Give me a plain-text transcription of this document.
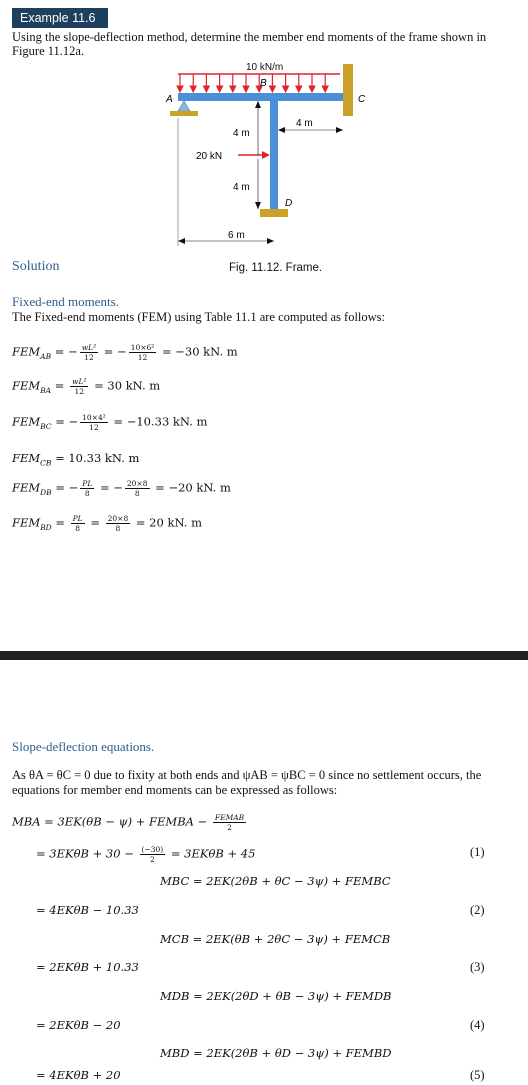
Example 11.6
Using the slope-deflection method, determine the member end moments of the frame shown in
Figure 11.12a.
10 kN/m
A
B
C
D
20 kN
4 m
4 m
4 m
6 m
Fig. 11.12. Frame.
Solution
Fixed-end moments.
The Fixed-end moments (FEM) using Table 11.1 are computed as follows:
$FEM_{AB}$ = − $\frac{\text{wL²}}{12}$ = − $\frac{\text{10×6²}}{12} = -30$ kN. m
$FEM_{BA} = \frac{\text{wL²}}{12} = 30$ kN. m
$FEM_{BC}$ = − $\frac{\text{10×4²}}{12} = -10.33$ kN. m
$FEM_{CB} = 10.33$ kN. m
$FEM_{DB}$ = − $\frac{PL}{8}$ = − $\frac{20\times 8}{8} = -20$ kN. m
$FEM_{BD} = \frac{PL}{8} = \frac{20\times 8}{8} = 20$ kN. m
Slope-deflection equations.
As θA = θC = 0 due to fixity at both ends and ψAB = ψBC = 0 since no settlement occurs, the
equations for member end moments can be expressed as follows:
MBA = 3EK(θB − ψ) + FEMBA − $\frac{\text{FEMAB}}{2}$
= $3EK\theta B + 30 - \frac{(-30)}{2} = 3EK\theta B + 45$	(1)
MBC = 2EK(2θB + θC − 3ψ) + FEMBC
= 4EKθB − 10.33	(2)
MCB = 2EK(θB + 2θC − 3ψ) + FEMCB
= 2EKθB + 10.33	(3)
MDB = 2EK(2θD + θB − 3ψ) + FEMDB
= 2EKθB − 20	(4)
MBD = 2EK(2θB + θD − 3ψ) + FEMBD
= 4EKθB + 20	(5)
